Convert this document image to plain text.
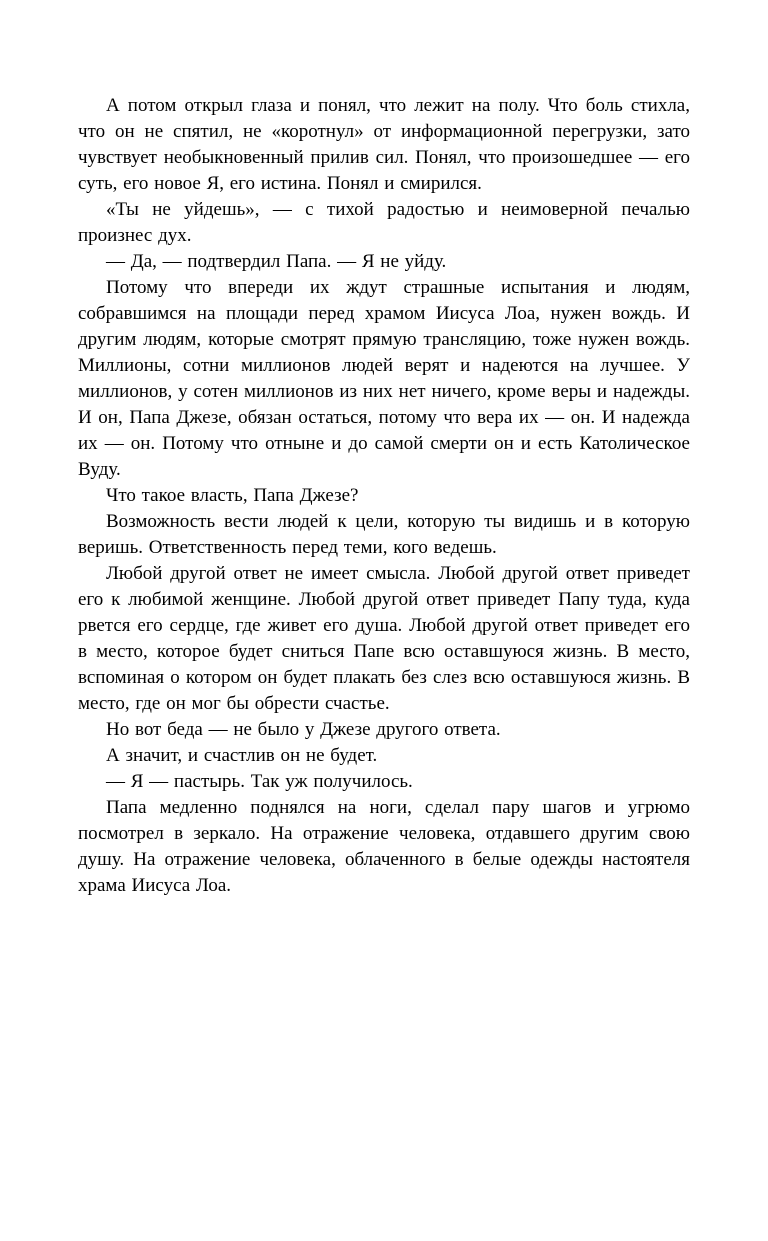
А потом открыл глаза и понял, что лежит на полу. Что боль стихла, что он не спятил, не «коротнул» от информационной перегрузки, зато чувствует необыкновенный прилив сил. Понял, что произошедшее — его суть, его новое Я, его истина. Понял и смирился.

«Ты не уйдешь», — с тихой радостью и неимоверной печалью произнес дух.

— Да, — подтвердил Папа. — Я не уйду.

Потому что впереди их ждут страшные испытания и людям, собравшимся на площади перед храмом Иисуса Лоа, нужен вождь. И другим людям, которые смотрят прямую трансляцию, тоже нужен вождь. Миллионы, сотни миллионов людей верят и надеются на лучшее. У миллионов, у сотен миллионов из них нет ничего, кроме веры и надежды. И он, Папа Джезе, обязан остаться, потому что вера их — он. И надежда их — он. Потому что отныне и до самой смерти он и есть Католическое Вуду.

Что такое власть, Папа Джезе?

Возможность вести людей к цели, которую ты видишь и в которую веришь. Ответственность перед теми, кого ведешь.

Любой другой ответ не имеет смысла. Любой другой ответ приведет его к любимой женщине. Любой другой ответ приведет Папу туда, куда рвется его сердце, где живет его душа. Любой другой ответ приведет его в место, которое будет сниться Папе всю оставшуюся жизнь. В место, вспоминая о котором он будет плакать без слез всю оставшуюся жизнь. В место, где он мог бы обрести счастье.

Но вот беда — не было у Джезе другого ответа.

А значит, и счастлив он не будет.

— Я — пастырь. Так уж получилось.

Папа медленно поднялся на ноги, сделал пару шагов и угрюмо посмотрел в зеркало. На отражение человека, отдавшего другим свою душу. На отражение человека, облаченного в белые одежды настоятеля храма Иисуса Лоа.
